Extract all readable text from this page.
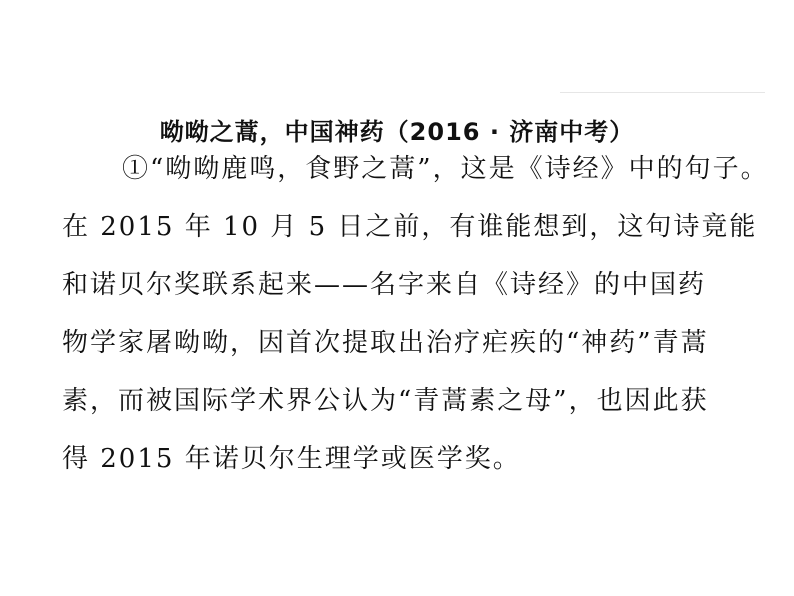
呦呦之蒿，中国神药（2016 · 济南中考）
①“呦呦鹿鸣，食野之蒿”，这是《诗经》中的句子。
在 2015 年 10 月 5 日之前，有谁能想到，这句诗竟能
和诺贝尔奖联系起来——名字来自《诗经》的中国药
物学家屠呦呦，因首次提取出治疗疟疾的“神药”青蒿
素，而被国际学术界公认为“青蒿素之母”，也因此获
得 2015 年诺贝尔生理学或医学奖。
